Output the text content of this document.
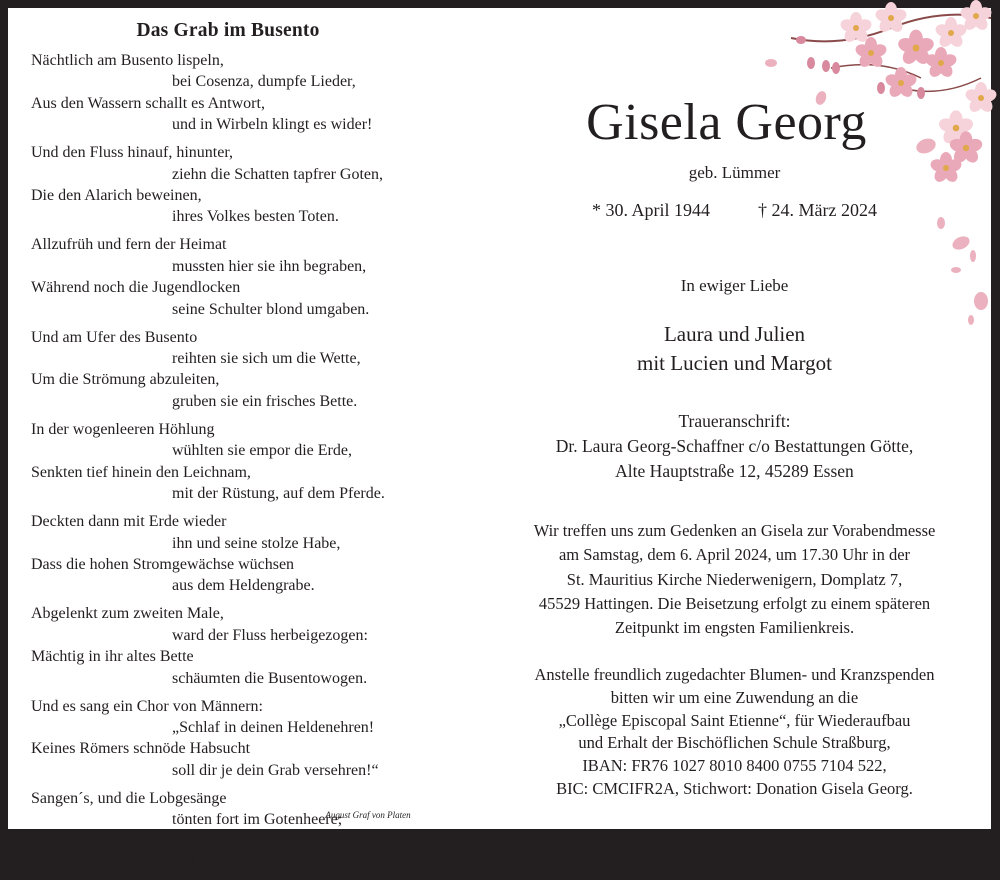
Das Grab im Busento
Nächtlich am Busento lispeln,
bei Cosenza, dumpfe Lieder,
Aus den Wassern schallt es Antwort,
und in Wirbeln klingt es wider!
Und den Fluss hinauf, hinunter,
ziehn die Schatten tapfrer Goten,
Die den Alarich beweinen,
ihres Volkes besten Toten.
Allzufrüh und fern der Heimat
mussten hier sie ihn begraben,
Während noch die Jugendlocken
seine Schulter blond umgaben.
Und am Ufer des Busento
reihten sie sich um die Wette,
Um die Strömung abzuleiten,
gruben sie ein frisches Bette.
In der wogenleeren Höhlung
wühlten sie empor die Erde,
Senkten tief hinein den Leichnam,
mit der Rüstung, auf dem Pferde.
Deckten dann mit Erde wieder
ihn und seine stolze Habe,
Dass die hohen Stromgewächse wüchsen
aus dem Heldengrabe.
Abgelenkt zum zweiten Male,
ward der Fluss herbeigezogen:
Mächtig in ihr altes Bette
schäumten die Busentowogen.
Und es sang ein Chor von Männern:
„Schlaf in deinen Heldenehren!
Keines Römers schnöde Habsucht
soll dir je dein Grab versehren!“
Sangen´s, und die Lobgesänge
tönten fort im Gotenheere;
Wälze sie, Busentowelle,
wälze sie von Meer zu Meere!
August Graf von Platen
Gisela Georg
geb. Lümmer
* 30. April 1944	† 24. März 2024
In ewiger Liebe
Laura und Julien
mit Lucien und Margot
Traueranschrift:
Dr. Laura Georg-Schaffner c/o Bestattungen Götte,
Alte Hauptstraße 12, 45289 Essen
Wir treffen uns zum Gedenken an Gisela zur Vorabendmesse
am Samstag, dem 6. April 2024, um 17.30 Uhr in der
St. Mauritius Kirche Niederwenigern, Domplatz 7,
45529 Hattingen. Die Beisetzung erfolgt zu einem späteren
Zeitpunkt im engsten Familienkreis.
Anstelle freundlich zugedachter Blumen- und Kranzspenden
bitten wir um eine Zuwendung an die
„Collège Episcopal Saint Etienne“, für Wiederaufbau
und Erhalt der Bischöflichen Schule Straßburg,
IBAN: FR76 1027 8010 8400 0755 7104 522,
BIC: CMCIFR2A, Stichwort: Donation Gisela Georg.
